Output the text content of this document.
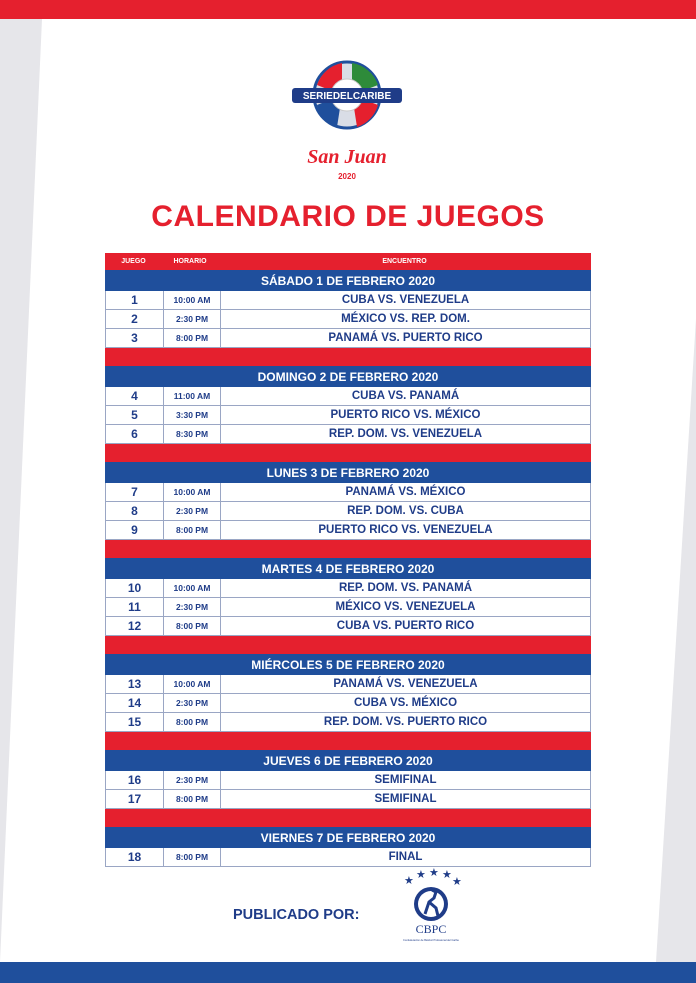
SERIEDELCARIBE
San Juan
2020
CALENDARIO DE JUEGOS
JUEGO	HORARIO	ENCUENTRO
SÁBADO 1 DE FEBRERO 2020
1	10:00 AM	CUBA VS. VENEZUELA
2	2:30 PM	MÉXICO VS. REP. DOM.
3	8:00 PM	PANAMÁ VS. PUERTO RICO
DOMINGO 2 DE FEBRERO 2020
4	11:00 AM	CUBA VS. PANAMÁ
5	3:30 PM	PUERTO RICO VS. MÉXICO
6	8:30 PM	REP. DOM. VS. VENEZUELA
LUNES 3 DE FEBRERO 2020
7	10:00 AM	PANAMÁ VS. MÉXICO
8	2:30 PM	REP. DOM. VS. CUBA
9	8:00 PM	PUERTO RICO VS. VENEZUELA
MARTES 4 DE FEBRERO 2020
10	10:00 AM	REP. DOM. VS. PANAMÁ
11	2:30 PM	MÉXICO VS. VENEZUELA
12	8:00 PM	CUBA VS. PUERTO RICO
MIÉRCOLES 5 DE FEBRERO 2020
13	10:00 AM	PANAMÁ VS. VENEZUELA
14	2:30 PM	CUBA VS. MÉXICO
15	8:00 PM	REP. DOM. VS. PUERTO RICO
JUEVES 6 DE FEBRERO 2020
16	2:30 PM	SEMIFINAL
17	8:00 PM	SEMIFINAL
VIERNES 7 DE FEBRERO 2020
18	8:00 PM	FINAL
PUBLICADO POR:
★ ★ ★ ★
★
CBPC
Confederación de Béisbol Profesional del Caribe
